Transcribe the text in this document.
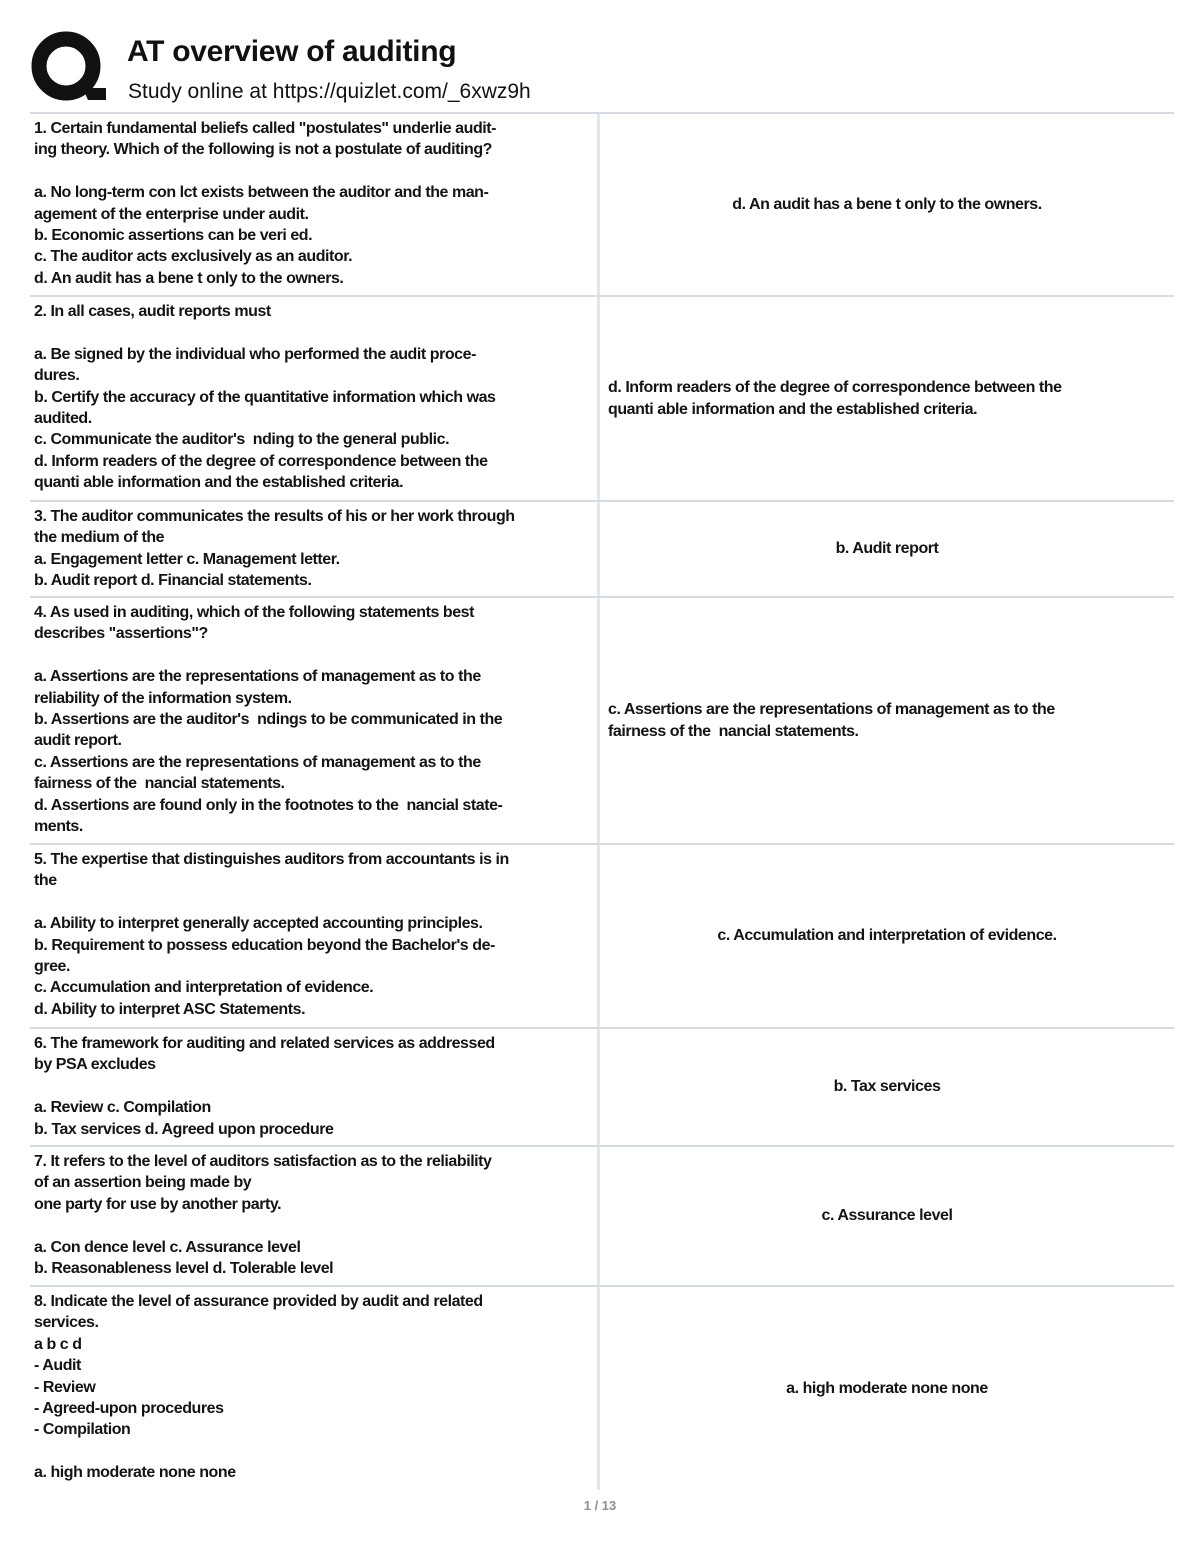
AT overview of auditing
Study online at https://quizlet.com/_6xwz9h
1. Certain fundamental beliefs called "postulates" underlie audit-
ing theory. Which of the following is not a postulate of auditing?
a. No long-term con lct exists between the auditor and the man-
agement of the enterprise under audit.
b. Economic assertions can be veri ed.
c. The auditor acts exclusively as an auditor.
d. An audit has a bene t only to the owners.
d. An audit has a bene t only to the owners.
2. In all cases, audit reports must
a. Be signed by the individual who performed the audit proce-
dures.
b. Certify the accuracy of the quantitative information which was
audited.
c. Communicate the auditor's  nding to the general public.
d. Inform readers of the degree of correspondence between the
quanti able information and the established criteria.
d. Inform readers of the degree of correspondence between the
quanti able information and the established criteria.
3. The auditor communicates the results of his or her work through
the medium of the
a. Engagement letter c. Management letter.
b. Audit report d. Financial statements.
b. Audit report
4. As used in auditing, which of the following statements best
describes "assertions"?
a. Assertions are the representations of management as to the
reliability of the information system.
b. Assertions are the auditor's  ndings to be communicated in the
audit report.
c. Assertions are the representations of management as to the
fairness of the  nancial statements.
d. Assertions are found only in the footnotes to the  nancial state-
ments.
c. Assertions are the representations of management as to the
fairness of the  nancial statements.
5. The expertise that distinguishes auditors from accountants is in
the
a. Ability to interpret generally accepted accounting principles.
b. Requirement to possess education beyond the Bachelor's de-
gree.
c. Accumulation and interpretation of evidence.
d. Ability to interpret ASC Statements.
c. Accumulation and interpretation of evidence.
6. The framework for auditing and related services as addressed
by PSA excludes
a. Review c. Compilation
b. Tax services d. Agreed upon procedure
b. Tax services
7. It refers to the level of auditors satisfaction as to the reliability
of an assertion being made by
one party for use by another party.
a. Con dence level c. Assurance level
b. Reasonableness level d. Tolerable level
c. Assurance level
8. Indicate the level of assurance provided by audit and related
services.
a b c d
- Audit
- Review
- Agreed-upon procedures
- Compilation
a. high moderate none none
a. high moderate none none
1 / 13
